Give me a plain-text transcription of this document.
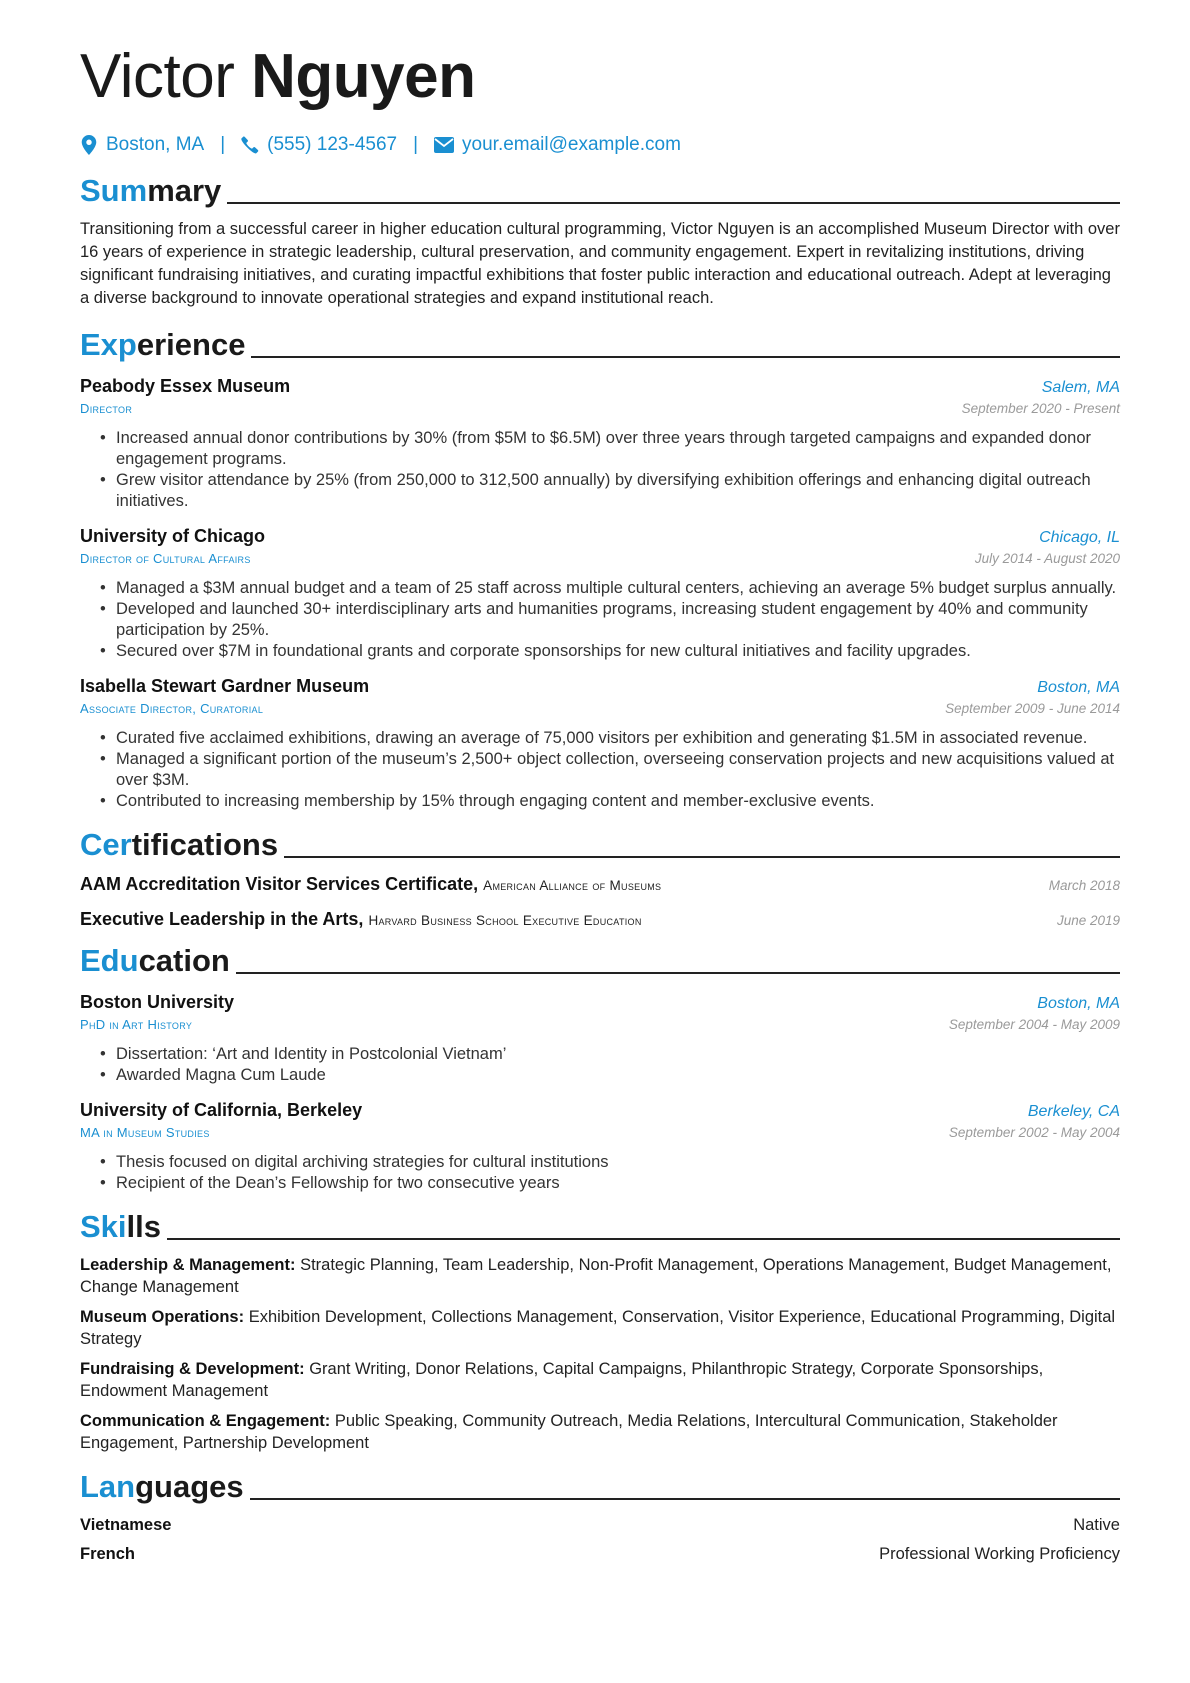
Victor Nguyen
Boston, MA | (555) 123-4567 | your.email@example.com
Summary

Transitioning from a successful career in higher education cultural programming, Victor Nguyen is an accomplished Museum Director with over 16 years of experience in strategic leadership, cultural preservation, and community engagement. Expert in revitalizing institutions, driving significant fundraising initiatives, and curating impactful exhibitions that foster public interaction and educational outreach. Adept at leveraging a diverse background to innovate operational strategies and expand institutional reach.

Experience
Peabody Essex Museum	Salem, MA
Director	September 2020 - Present
• Increased annual donor contributions by 30% (from $5M to $6.5M) over three years through targeted campaigns and expanded donor engagement programs.
• Grew visitor attendance by 25% (from 250,000 to 312,500 annually) by diversifying exhibition offerings and enhancing digital outreach initiatives.
University of Chicago	Chicago, IL
Director of Cultural Affairs	July 2014 - August 2020
• Managed a $3M annual budget and a team of 25 staff across multiple cultural centers, achieving an average 5% budget surplus annually.
• Developed and launched 30+ interdisciplinary arts and humanities programs, increasing student engagement by 40% and community participation by 25%.
• Secured over $7M in foundational grants and corporate sponsorships for new cultural initiatives and facility upgrades.
Isabella Stewart Gardner Museum	Boston, MA
Associate Director, Curatorial	September 2009 - June 2014
• Curated five acclaimed exhibitions, drawing an average of 75,000 visitors per exhibition and generating $1.5M in associated revenue.
• Managed a significant portion of the museum’s 2,500+ object collection, overseeing conservation projects and new acquisitions valued at over $3M.
• Contributed to increasing membership by 15% through engaging content and member-exclusive events.
Certifications
AAM Accreditation Visitor Services Certificate, American Alliance of Museums	March 2018
Executive Leadership in the Arts, Harvard Business School Executive Education	June 2019
Education
Boston University	Boston, MA
PhD in Art History	September 2004 - May 2009
• Dissertation: ‘Art and Identity in Postcolonial Vietnam’
• Awarded Magna Cum Laude
University of California, Berkeley	Berkeley, CA
MA in Museum Studies	September 2002 - May 2004
• Thesis focused on digital archiving strategies for cultural institutions
• Recipient of the Dean’s Fellowship for two consecutive years
Skills
Leadership & Management: Strategic Planning, Team Leadership, Non-Profit Management, Operations Management, Budget Management, Change Management
Museum Operations: Exhibition Development, Collections Management, Conservation, Visitor Experience, Educational Programming, Digital Strategy
Fundraising & Development: Grant Writing, Donor Relations, Capital Campaigns, Philanthropic Strategy, Corporate Sponsorships, Endowment Management
Communication & Engagement: Public Speaking, Community Outreach, Media Relations, Intercultural Communication, Stakeholder Engagement, Partnership Development
Languages
Vietnamese	Native
French	Professional Working Proficiency
